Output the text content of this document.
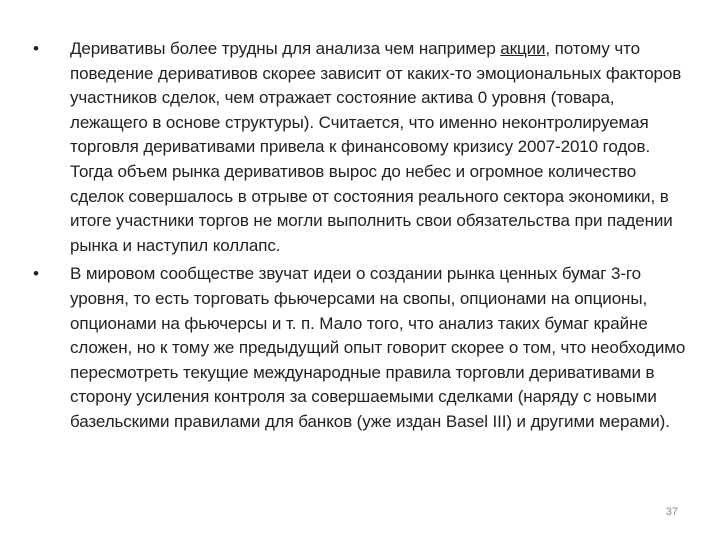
•	Деривативы более трудны для анализа чем например акции, потому что поведение деривативов скорее зависит от каких-то эмоциональных факторов участников сделок, чем отражает состояние актива 0 уровня (товара, лежащего в основе структуры). Считается, что именно неконтролируемая торговля деривативами привела к финансовому кризису 2007-2010 годов. Тогда объем рынка деривативов вырос до небес и огромное количество сделок совершалось в отрыве от состояния реального сектора экономики, в итоге участники торгов не могли выполнить свои обязательства при падении рынка и наступил коллапс.
•	В мировом сообществе звучат идеи о создании рынка ценных бумаг 3-го уровня, то есть торговать фьючерсами на свопы, опционами на опционы, опционами на фьючерсы и т. п. Мало того, что анализ таких бумаг крайне сложен, но к тому же предыдущий опыт говорит скорее о том, что необходимо пересмотреть текущие международные правила торговли деривативами в сторону усиления контроля за совершаемыми сделками (наряду с новыми базельскими правилами для банков (уже издан Basel III) и другими мерами).
37
